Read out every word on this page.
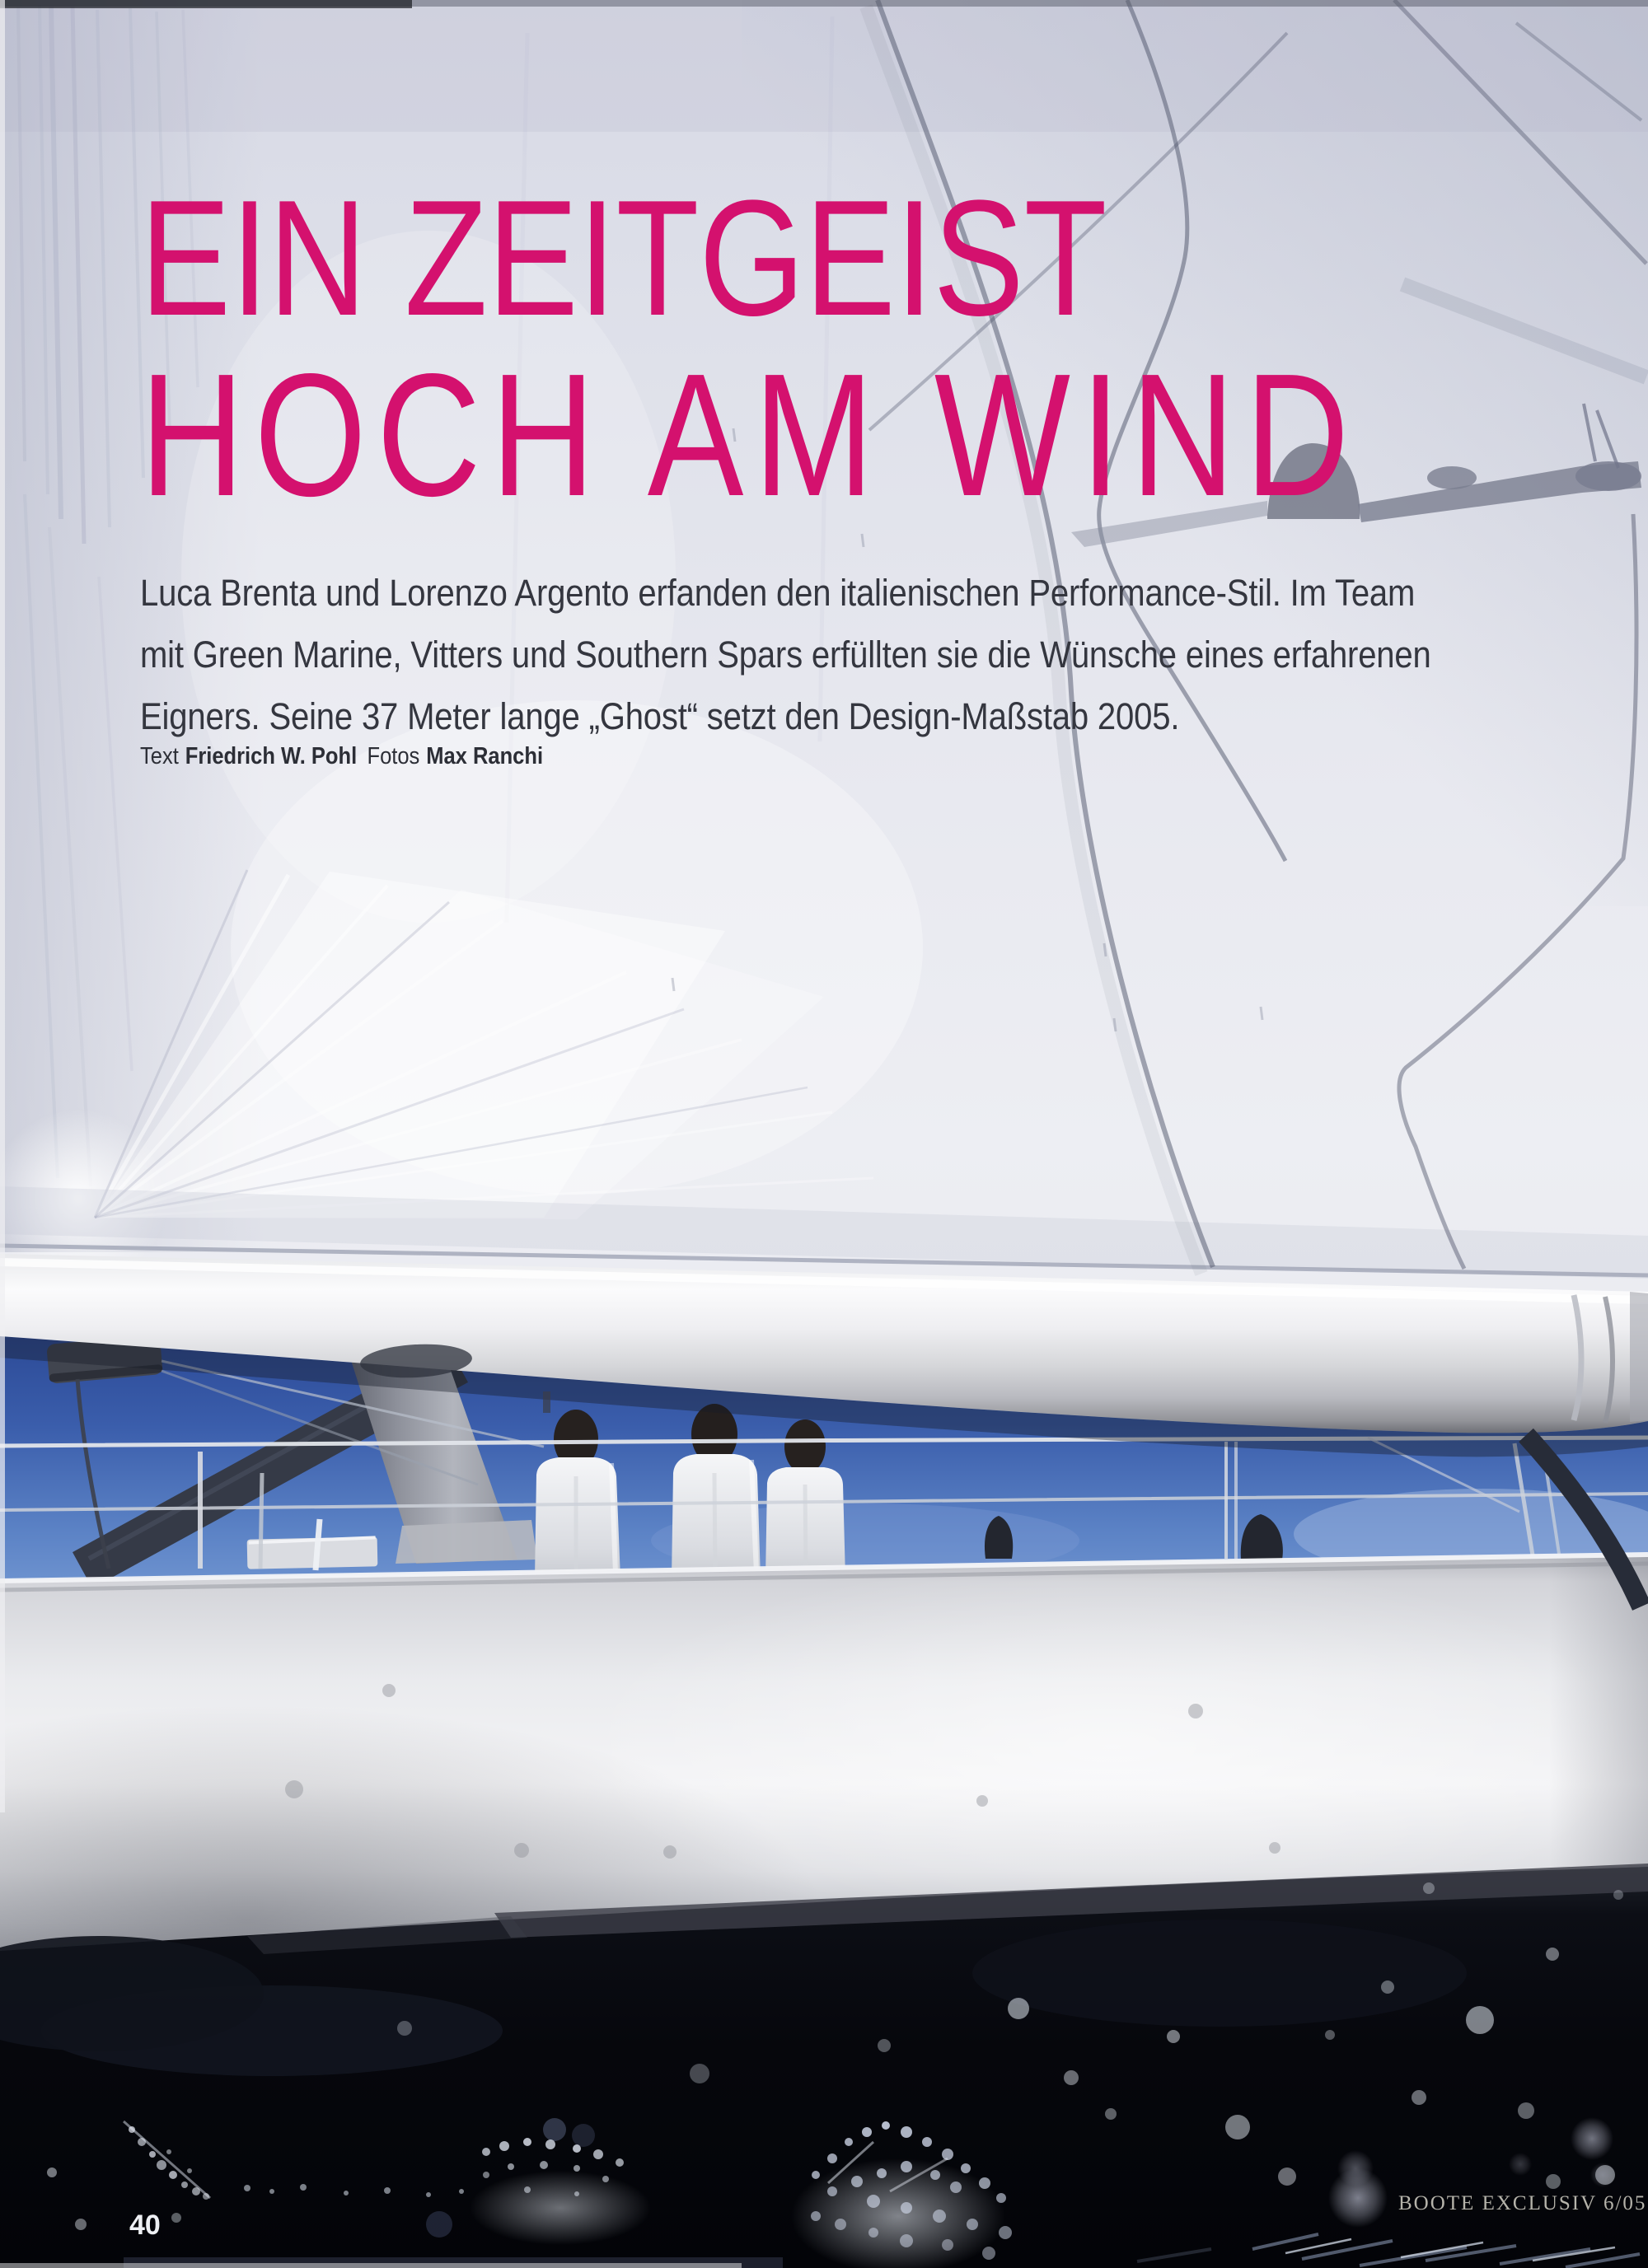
EIN ZEITGEIST
HOCH AM WIND
Luca Brenta und Lorenzo Argento erfanden den italienischen Performance-Stil. Im Team
mit Green Marine, Vitters und Southern Spars erfüllten sie die Wünsche eines erfahrenen
Eigners. Seine 37 Meter lange „Ghost“ setzt den Design-Maßstab 2005.
Text Friedrich W. Pohl Fotos Max Ranchi
40
BOOTE EXCLUSIV 6/05
